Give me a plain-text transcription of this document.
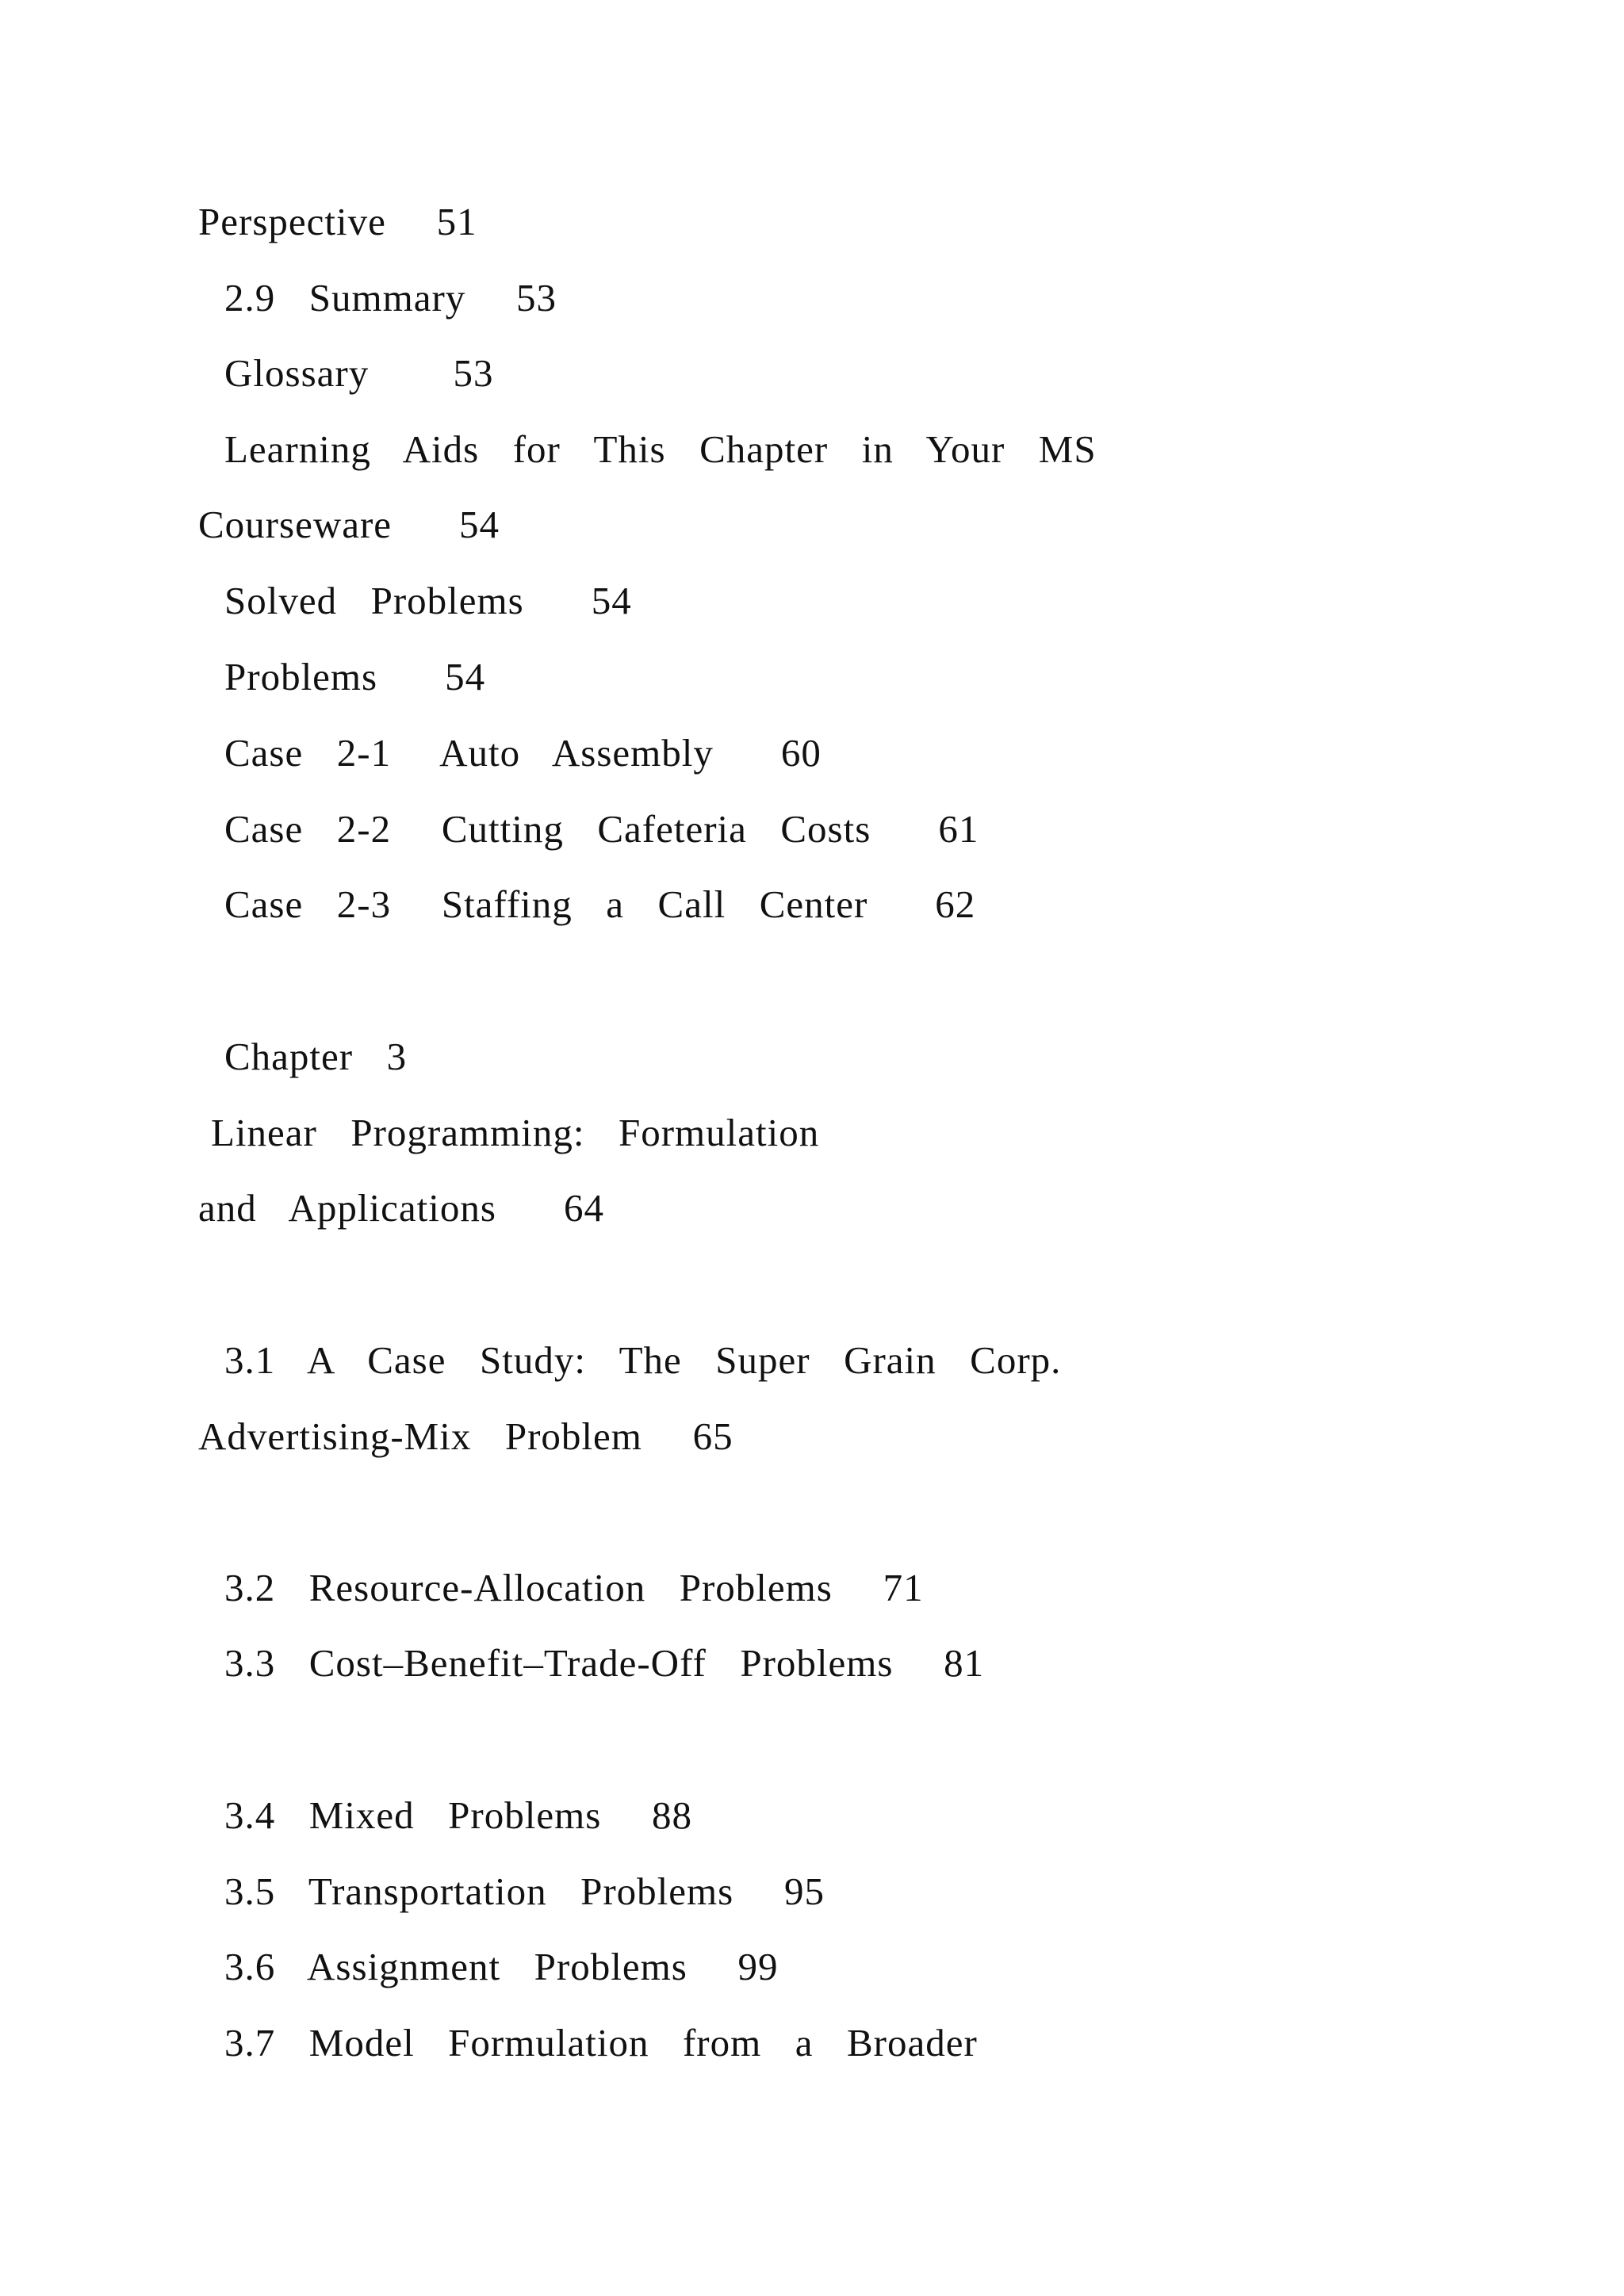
Perspective   51

2.9  Summary   53

Glossary     53

Learning  Aids  for  This  Chapter  in  Your  MS

Courseware    54

Solved  Problems    54

Problems    54

Case  2-1   Auto  Assembly    60

Case  2-2   Cutting  Cafeteria  Costs    61

Case  2-3   Staffing  a  Call  Center    62

Chapter  3

Linear  Programming:  Formulation

and  Applications    64

3.1  A  Case  Study:  The  Super  Grain  Corp.

Advertising-Mix  Problem   65

3.2  Resource-Allocation  Problems   71

3.3  Cost–Benefit–Trade-Off  Problems   81

3.4  Mixed  Problems   88

3.5  Transportation  Problems   95

3.6  Assignment  Problems   99

3.7  Model  Formulation  from  a  Broader
